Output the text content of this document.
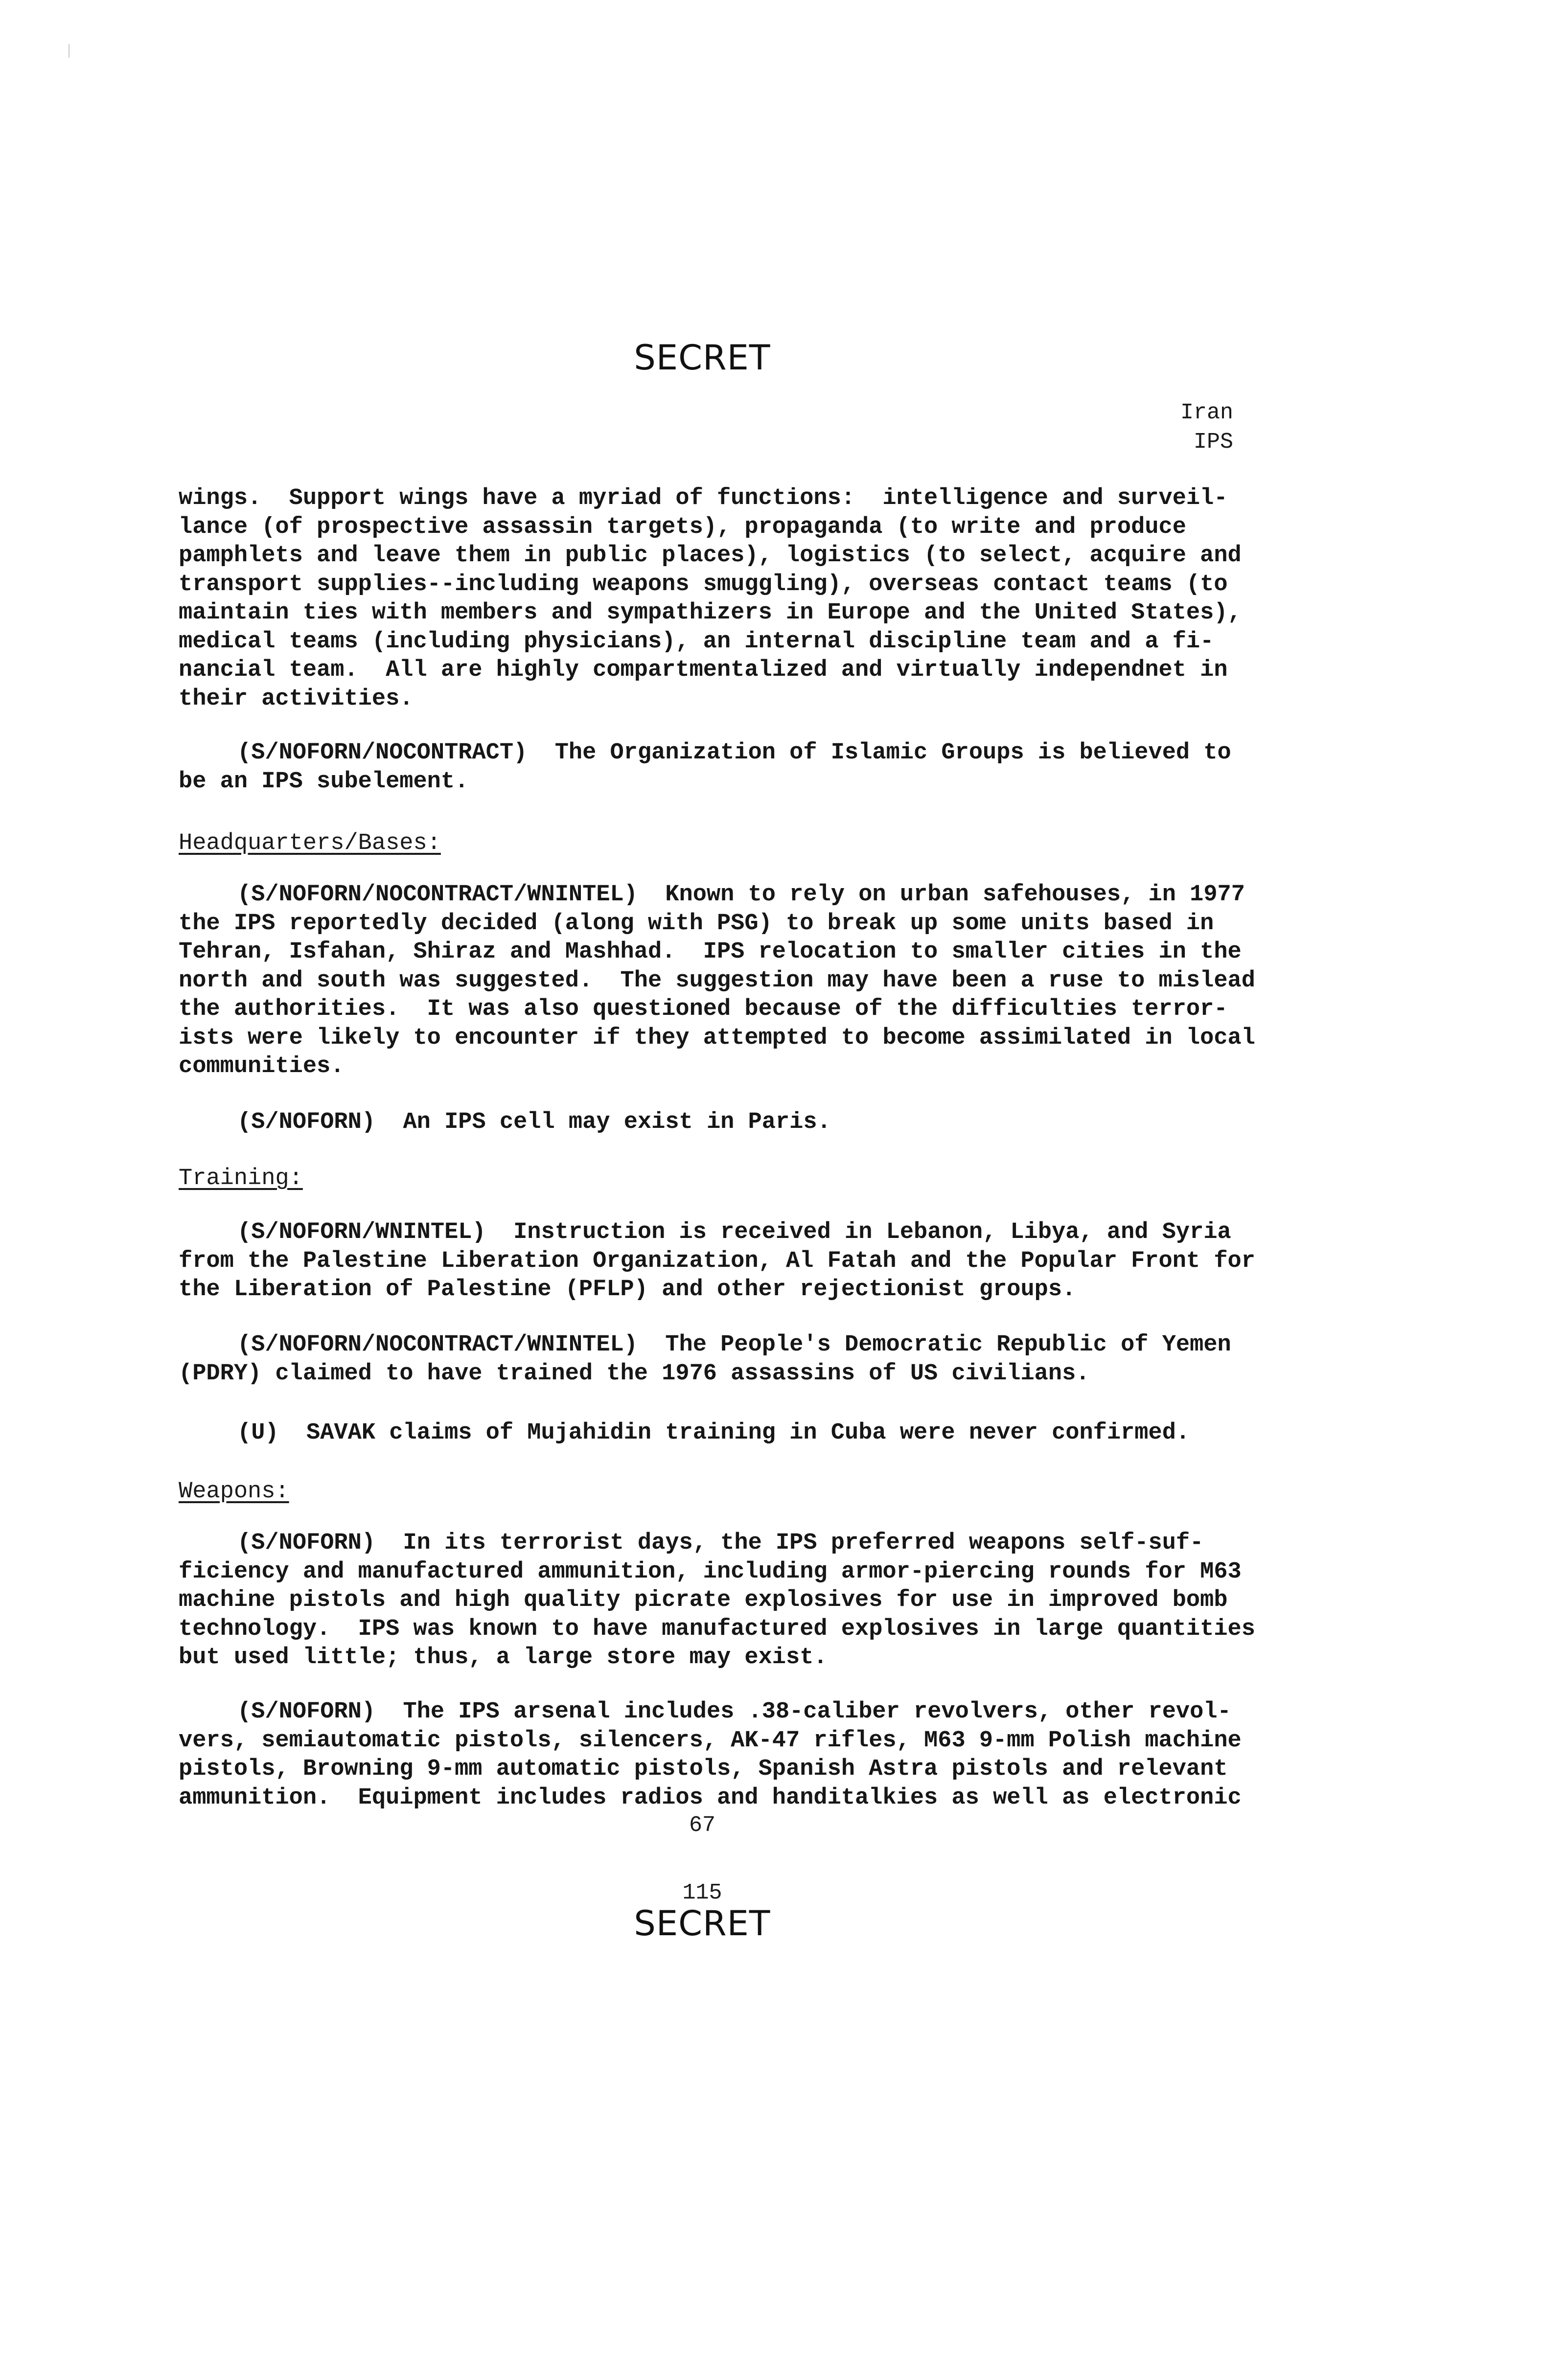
SECRET
Iran
IPS
wings.  Support wings have a myriad of functions:  intelligence and surveil-
lance (of prospective assassin targets), propaganda (to write and produce
pamphlets and leave them in public places), logistics (to select, acquire and
transport supplies--including weapons smuggling), overseas contact teams (to
maintain ties with members and sympathizers in Europe and the United States),
medical teams (including physicians), an internal discipline team and a fi-
nancial team.  All are highly compartmentalized and virtually independnet in
their activities.
(S/NOFORN/NOCONTRACT)  The Organization of Islamic Groups is believed to
be an IPS subelement.
Headquarters/Bases:
(S/NOFORN/NOCONTRACT/WNINTEL)  Known to rely on urban safehouses, in 1977
the IPS reportedly decided (along with PSG) to break up some units based in
Tehran, Isfahan, Shiraz and Mashhad.  IPS relocation to smaller cities in the
north and south was suggested.  The suggestion may have been a ruse to mislead
the authorities.  It was also questioned because of the difficulties terror-
ists were likely to encounter if they attempted to become assimilated in local
communities.
(S/NOFORN)  An IPS cell may exist in Paris.
Training:
(S/NOFORN/WNINTEL)  Instruction is received in Lebanon, Libya, and Syria
from the Palestine Liberation Organization, Al Fatah and the Popular Front for
the Liberation of Palestine (PFLP) and other rejectionist groups.
(S/NOFORN/NOCONTRACT/WNINTEL)  The People's Democratic Republic of Yemen
(PDRY) claimed to have trained the 1976 assassins of US civilians.
(U)  SAVAK claims of Mujahidin training in Cuba were never confirmed.
Weapons:
(S/NOFORN)  In its terrorist days, the IPS preferred weapons self-suf-
ficiency and manufactured ammunition, including armor-piercing rounds for M63
machine pistols and high quality picrate explosives for use in improved bomb
technology.  IPS was known to have manufactured explosives in large quantities
but used little; thus, a large store may exist.
(S/NOFORN)  The IPS arsenal includes .38-caliber revolvers, other revol-
vers, semiautomatic pistols, silencers, AK-47 rifles, M63 9-mm Polish machine
pistols, Browning 9-mm automatic pistols, Spanish Astra pistols and relevant
ammunition.  Equipment includes radios and handitalkies as well as electronic
67
115
SECRET
